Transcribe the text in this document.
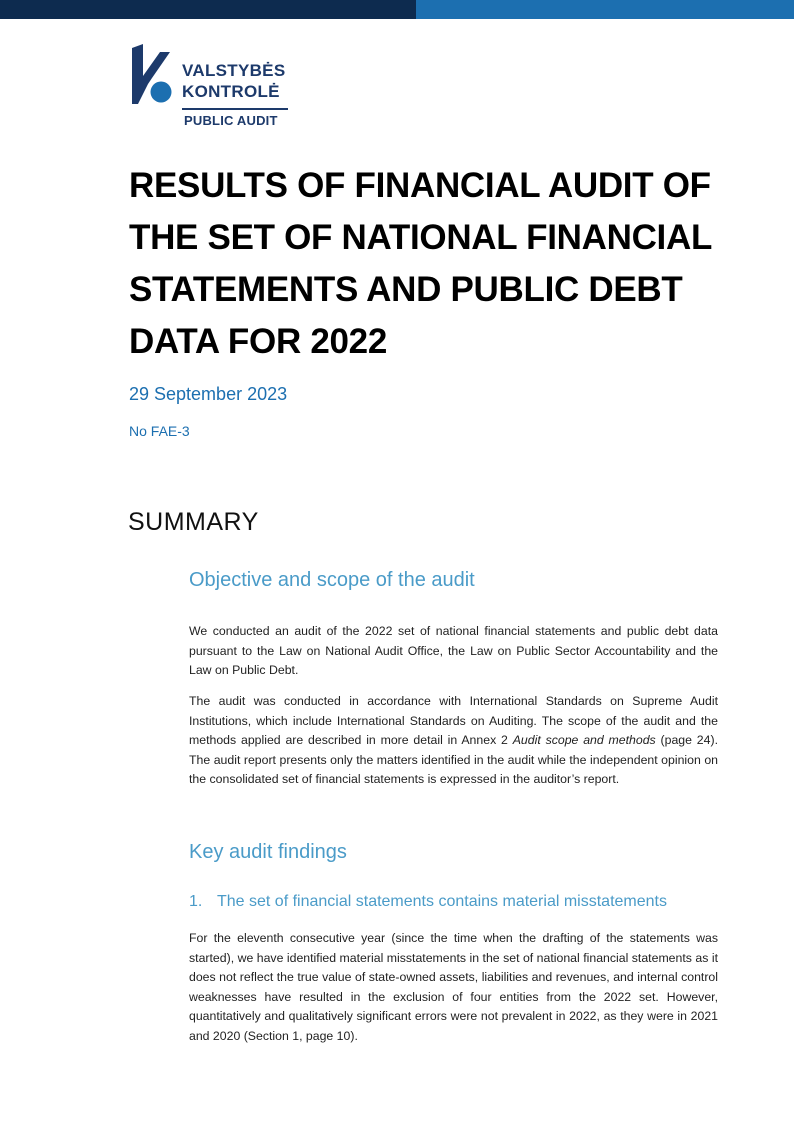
VALSTYBĖS
KONTROLĖ
PUBLIC AUDIT
RESULTS OF FINANCIAL AUDIT OF THE SET OF NATIONAL FINANCIAL STATEMENTS AND PUBLIC DEBT DATA FOR 2022
29 September 2023
No FAE-3
SUMMARY
Objective and scope of the audit

We conducted an audit of the 2022 set of national financial statements and public debt data pursuant to the Law on National Audit Office, the Law on Public Sector Accountability and the Law on Public Debt.

The audit was conducted in accordance with International Standards on Supreme Audit Institutions, which include International Standards on Auditing. The scope of the audit and the methods applied are described in more detail in Annex 2 Audit scope and methods (page 24). The audit report presents only the matters identified in the audit while the independent opinion on the consolidated set of financial statements is expressed in the auditor’s report.

Key audit findings
1. The set of financial statements contains material misstatements

For the eleventh consecutive year (since the time when the drafting of the statements was started), we have identified material misstatements in the set of national financial statements as it does not reflect the true value of state-owned assets, liabilities and revenues, and internal control weaknesses have resulted in the exclusion of four entities from the 2022 set. However, quantitatively and qualitatively significant errors were not prevalent in 2022, as they were in 2021 and 2020 (Section 1, page 10).
